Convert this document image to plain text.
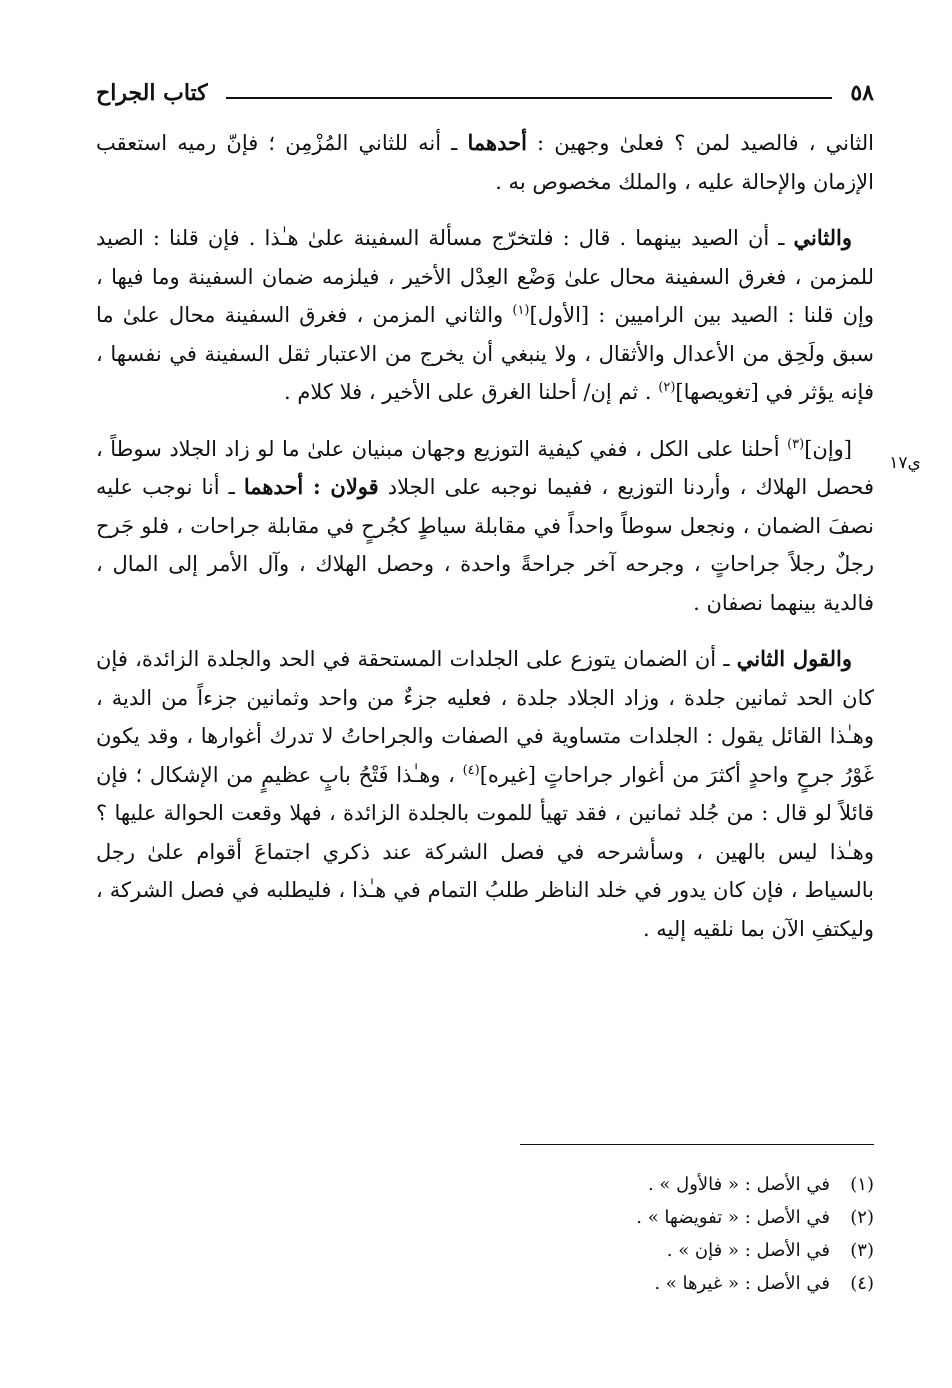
٥٨
كتاب الجراح
ي١٧

الثاني ، فالصيد لمن ؟ فعلىٰ وجهين : أحدهما ـ أنه للثاني المُزْمِن ؛ فإنّ رميه استعقب الإزمان والإحالة عليه ، والملك مخصوص به .

والثاني ـ أن الصيد بينهما . قال : فلتخرّج مسألة السفينة علىٰ هـٰذا . فإن قلنا : الصيد للمزمن ، فغرق السفينة محال علىٰ وَضْع العِدْل الأخير ، فيلزمه ضمان السفينة وما فيها ، وإن قلنا : الصيد بين الراميين : [الأول]$^{(١)}$ والثاني المزمن ، فغرق السفينة محال علىٰ ما سبق ولَحِق من الأعدال والأثقال ، ولا ينبغي أن يخرج من الاعتبار ثقل السفينة في نفسها ، فإنه يؤثر في [تغويصها]$^{(٢)}$ . ثم إن/ أحلنا الغرق على الأخير ، فلا كلام .

[وإن]$^{(٣)}$ أحلنا على الكل ، ففي كيفية التوزيع وجهان مبنيان علىٰ ما لو زاد الجلاد سوطاً ، فحصل الهلاك ، وأردنا التوزيع ، ففيما نوجبه على الجلاد قولان : أحدهما ـ أنا نوجب عليه نصفَ الضمان ، ونجعل سوطاً واحداً في مقابلة سياطٍ كجُرحٍ في مقابلة جراحات ، فلو جَرح رجلٌ رجلاً جراحاتٍ ، وجرحه آخر جراحةً واحدة ، وحصل الهلاك ، وآل الأمر إلى المال ، فالدية بينهما نصفان .

والقول الثاني ـ أن الضمان يتوزع على الجلدات المستحقة في الحد والجلدة الزائدة، فإن كان الحد ثمانين جلدة ، وزاد الجلاد جلدة ، فعليه جزءٌ من واحد وثمانين جزءاً من الدية ، وهـٰذا القائل يقول : الجلدات متساوية في الصفات والجراحاتُ لا تدرك أغوارها ، وقد يكون غَوْرُ جرحٍ واحدٍ أكثرَ من أغوار جراحاتٍ [غيره]$^{(٤)}$ ، وهـٰذا فَتْحُ بابٍ عظيمٍ من الإشكال ؛ فإن قائلاً لو قال : من جُلد ثمانين ، فقد تهيأ للموت بالجلدة الزائدة ، فهلا وقعت الحوالة عليها ؟ وهـٰذا ليس بالهين ، وسأشرحه في فصل الشركة عند ذكري اجتماعَ أقوام علىٰ رجل بالسياط ، فإن كان يدور في خلد الناظر طلبُ التمام في هـٰذا ، فليطلبه في فصل الشركة ، وليكتفِ الآن بما نلقيه إليه .

(١)
في الأصل : « فالأول » .
(٢)
في الأصل : « تفويضها » .
(٣)
في الأصل : « فإن » .
(٤)
في الأصل : « غيرها » .
